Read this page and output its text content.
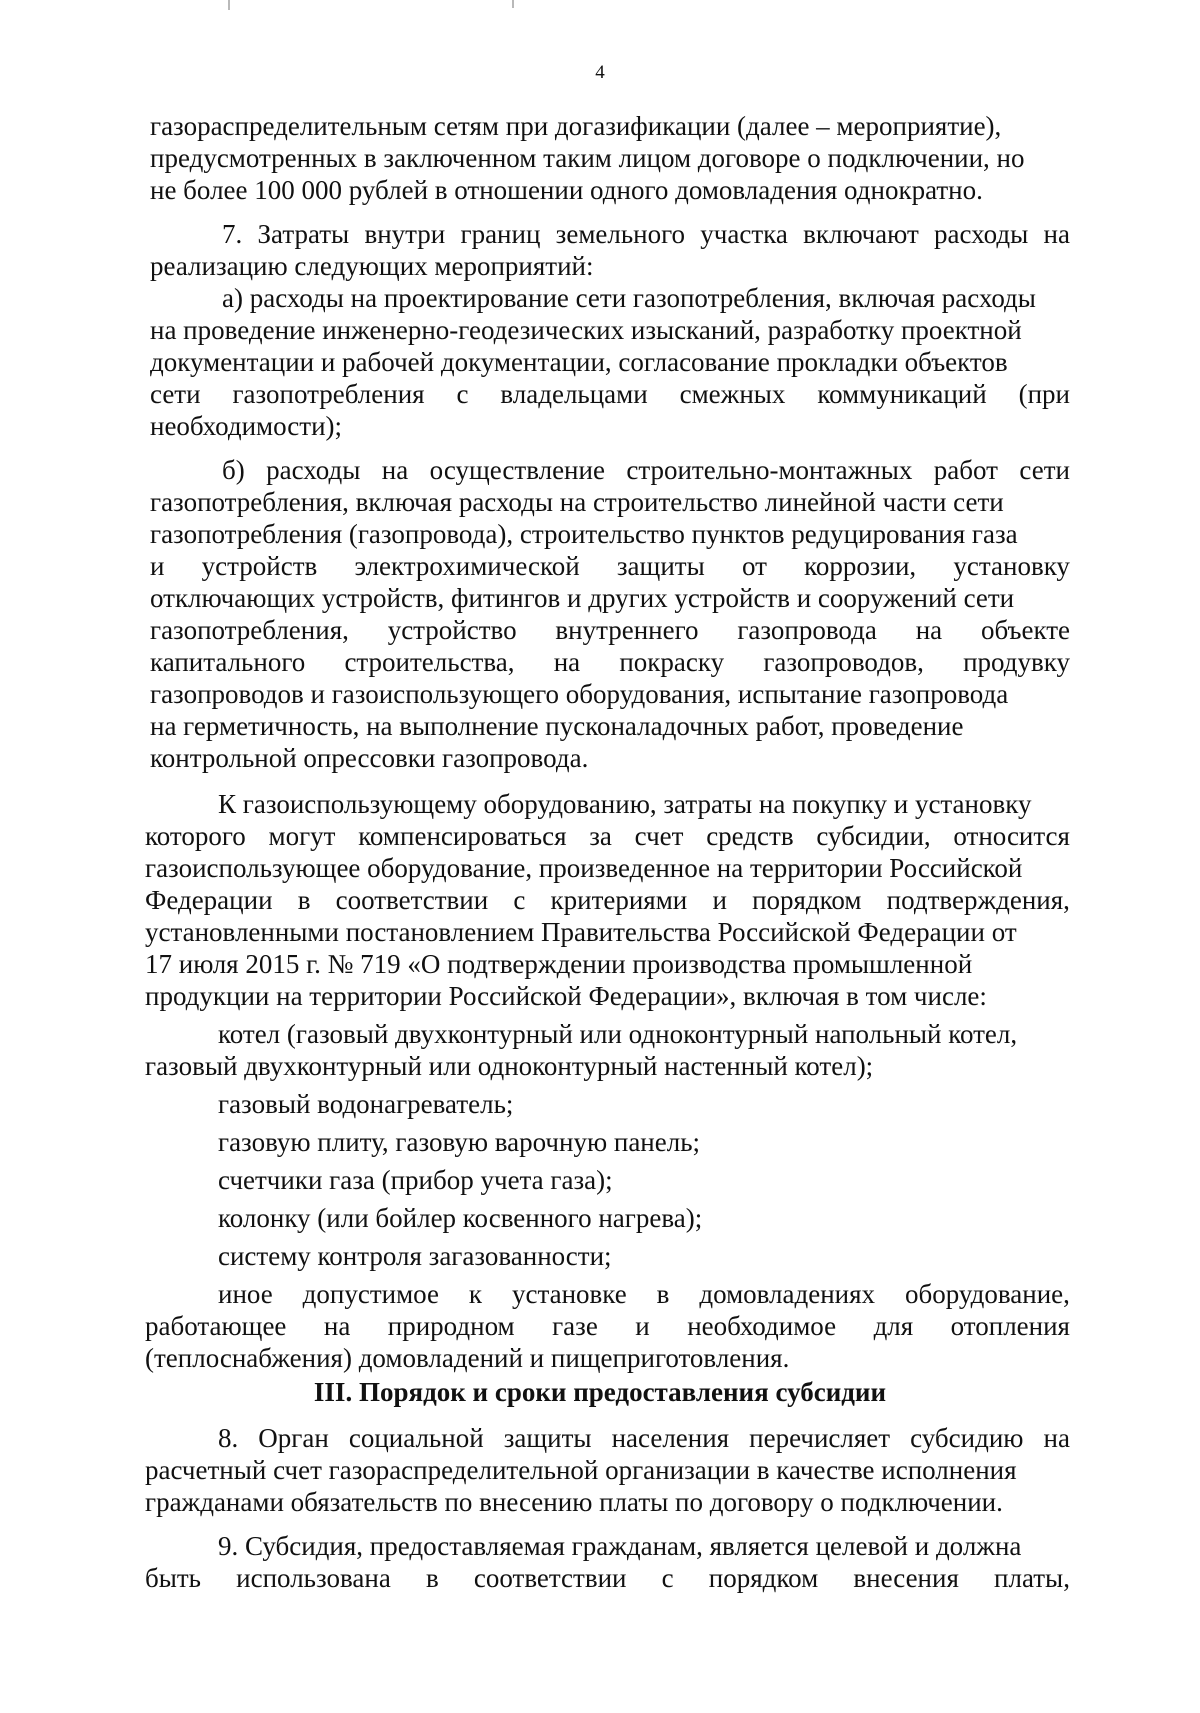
4

газораспределительным сетям при догазификации (далее – мероприятие),

предусмотренных в заключенном таким лицом договоре о подключении, но

не более 100 000 рублей в отношении одного домовладения однократно.

7. Затраты внутри границ земельного участка включают расходы на

реализацию следующих мероприятий:

а) расходы на проектирование сети газопотребления, включая расходы

на проведение инженерно-геодезических изысканий, разработку проектной

документации и рабочей документации, согласование прокладки объектов

сети газопотребления с владельцами смежных коммуникаций (при

необходимости);

б) расходы на осуществление строительно-монтажных работ сети

газопотребления, включая расходы на строительство линейной части сети

газопотребления (газопровода), строительство пунктов редуцирования газа

и устройств электрохимической защиты от коррозии, установку

отключающих устройств, фитингов и других устройств и сооружений сети

газопотребления, устройство внутреннего газопровода на объекте

капитального строительства, на покраску газопроводов, продувку

газопроводов и газоиспользующего оборудования, испытание газопровода

на герметичность, на выполнение пусконаладочных работ, проведение

контрольной опрессовки газопровода.

К газоиспользующему оборудованию, затраты на покупку и установку

которого могут компенсироваться за счет средств субсидии, относится

газоиспользующее оборудование, произведенное на территории Российской

Федерации в соответствии с критериями и порядком подтверждения,

установленными постановлением Правительства Российской Федерации от

17 июля 2015 г. № 719 «О подтверждении производства промышленной

продукции на территории Российской Федерации», включая в том числе:

котел (газовый двухконтурный или одноконтурный напольный котел,

газовый двухконтурный или одноконтурный настенный котел);

газовый водонагреватель;

газовую плиту, газовую варочную панель;

счетчики газа (прибор учета газа);

колонку (или бойлер косвенного нагрева);

систему контроля загазованности;

иное допустимое к установке в домовладениях оборудование,

работающее на природном газе и необходимое для отопления

(теплоснабжения) домовладений и пищеприготовления.

8. Орган социальной защиты населения перечисляет субсидию на

расчетный счет газораспределительной организации в качестве исполнения

гражданами обязательств по внесению платы по договору о подключении.

9. Субсидия, предоставляемая гражданам, является целевой и должна

быть использована в соответствии с порядком внесения платы,

III. Порядок и сроки предоставления субсидии
